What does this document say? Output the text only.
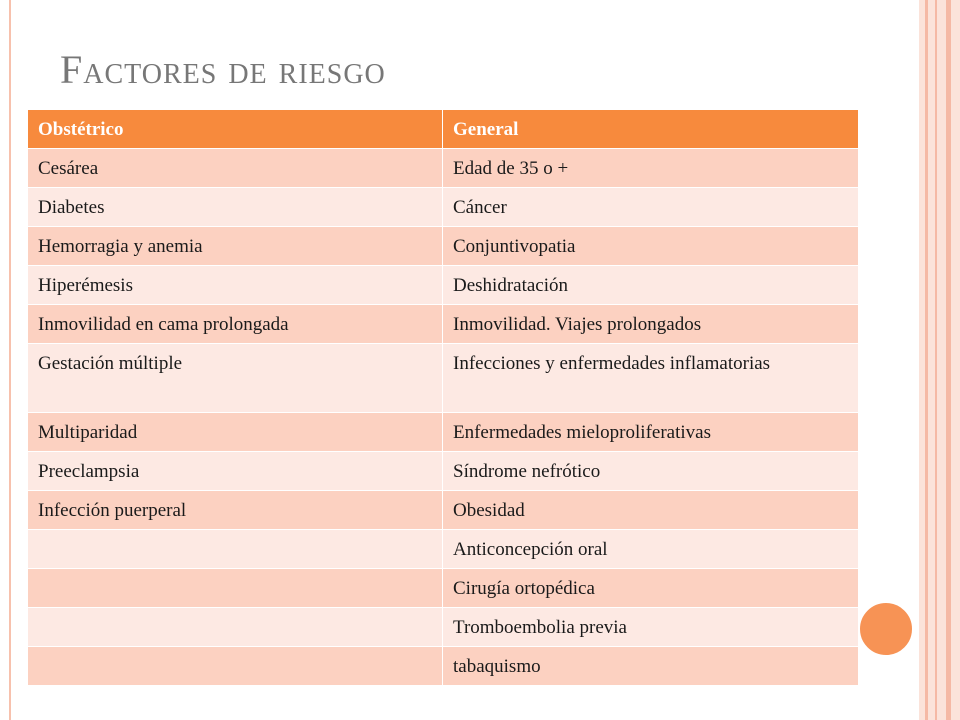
Factores de riesgo
Obstétrico	General
Cesárea	Edad de 35 o +
Diabetes	Cáncer
Hemorragia y anemia	Conjuntivopatia
Hiperémesis	Deshidratación
Inmovilidad en cama prolongada	Inmovilidad. Viajes prolongados
Gestación múltiple	Infecciones y enfermedades inflamatorias
Multiparidad	Enfermedades mieloproliferativas
Preeclampsia	Síndrome nefrótico
Infección puerperal	Obesidad
	Anticoncepción oral
	Cirugía ortopédica
	Tromboembolia previa
	tabaquismo
